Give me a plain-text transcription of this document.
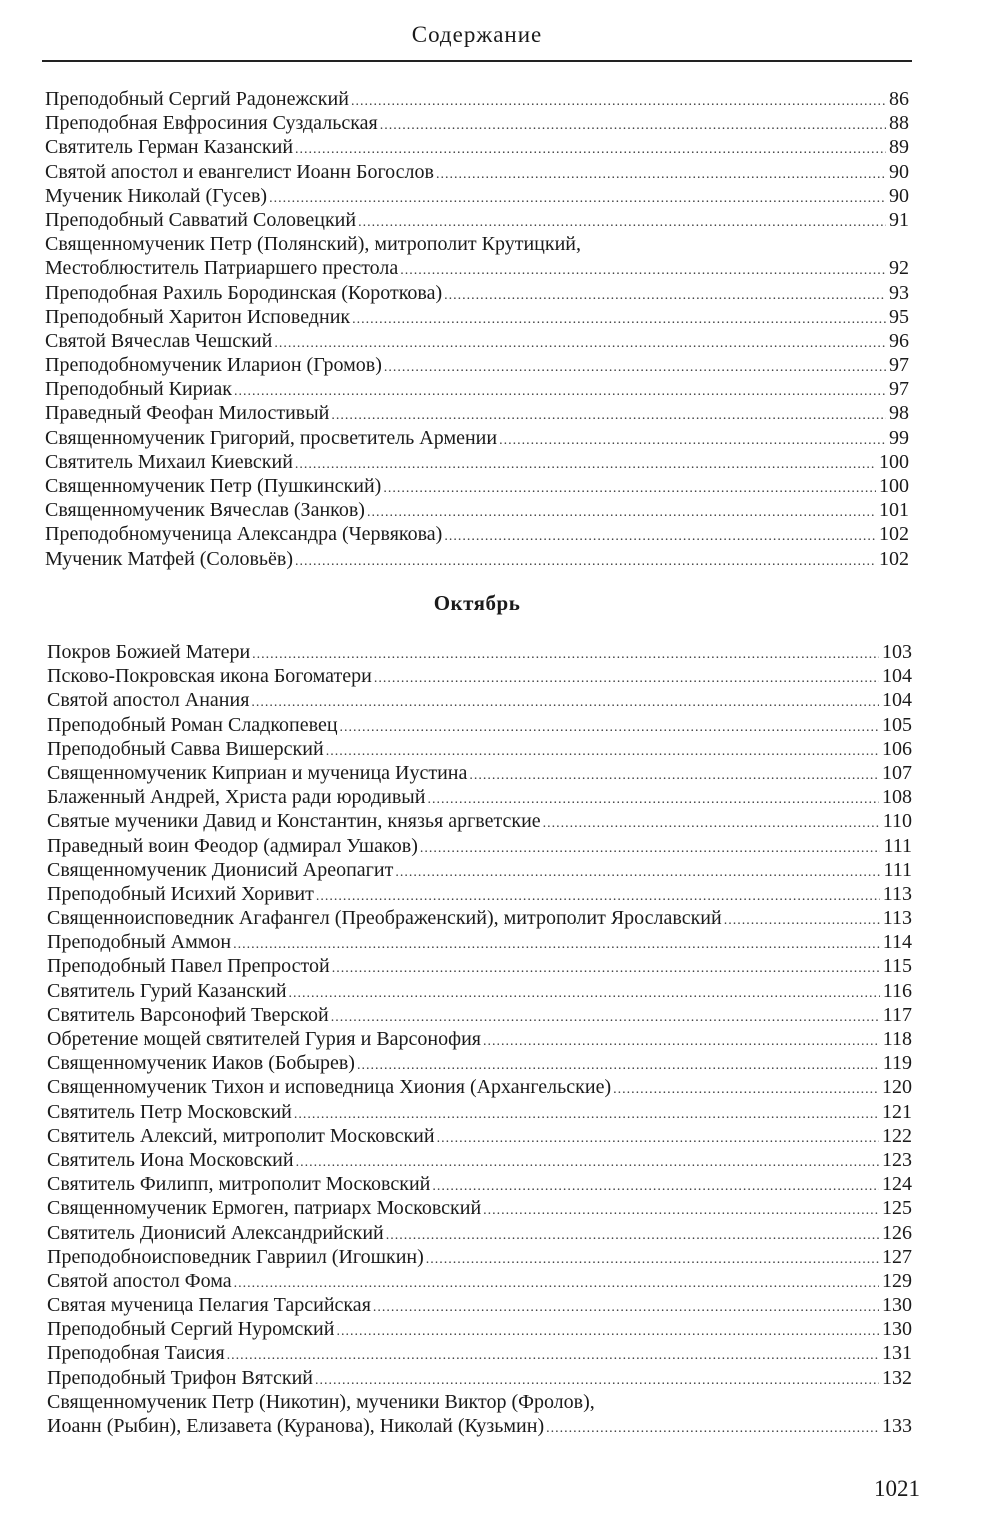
Содержание
Преподобный Сергий Радонежский .....	86
Преподобная Евфросиния Суздальская .....	88
Святитель Герман Казанский .....	89
Святой апостол и евангелист Иоанн Богослов .....	90
Мученик Николай (Гусев) .....	90
Преподобный Савватий Соловецкий .....	91
Священномученик Петр (Полянский), митрополит Крутицкий,
Местоблюститель Патриаршего престола .....	92
Преподобная Рахиль Бородинская (Короткова) .....	93
Преподобный Харитон Исповедник .....	95
Святой Вячеслав Чешский .....	96
Преподобномученик Иларион (Громов) .....	97
Преподобный Кириак .....	97
Праведный Феофан Милостивый .....	98
Священномученик Григорий, просветитель Армении .....	99
Святитель Михаил Киевский .....	100
Священномученик Петр (Пушкинский) .....	100
Священномученик Вячеслав (Занков) .....	101
Преподобномученица Александра (Червякова) .....	102
Мученик Матфей (Соловьёв) .....	102
Октябрь
Покров Божией Матери .....	103
Псково-Покровская икона Богоматери .....	104
Святой апостол Анания .....	104
Преподобный Роман Сладкопевец .....	105
Преподобный Савва Вишерский .....	106
Священномученик Киприан и мученица Иустина .....	107
Блаженный Андрей, Христа ради юродивый .....	108
Святые мученики Давид и Константин, князья аргветские .....	110
Праведный воин Феодор (адмирал Ушаков) .....	111
Священномученик Дионисий Ареопагит .....	111
Преподобный Исихий Хоривит .....	113
Священноисповедник Агафангел (Преображенский), митрополит Ярославский .....	113
Преподобный Аммон .....	114
Преподобный Павел Препростой .....	115
Святитель Гурий Казанский .....	116
Святитель Варсонофий Тверской .....	117
Обретение мощей святителей Гурия и Варсонофия .....	118
Священномученик Иаков (Бобырев) .....	119
Священномученик Тихон и исповедница Хиония (Архангельские) .....	120
Святитель Петр Московский .....	121
Святитель Алексий, митрополит Московский .....	122
Святитель Иона Московский .....	123
Святитель Филипп, митрополит Московский .....	124
Священномученик Ермоген, патриарх Московский .....	125
Святитель Дионисий Александрийский .....	126
Преподобноисповедник Гавриил (Игошкин) .....	127
Святой апостол Фома .....	129
Святая мученица Пелагия Тарсийская .....	130
Преподобный Сергий Нуромский .....	130
Преподобная Таисия .....	131
Преподобный Трифон Вятский .....	132
Священномученик Петр (Никотин), мученики Виктор (Фролов),
Иоанн (Рыбин), Елизавета (Куранова), Николай (Кузьмин) .....	133
1021
